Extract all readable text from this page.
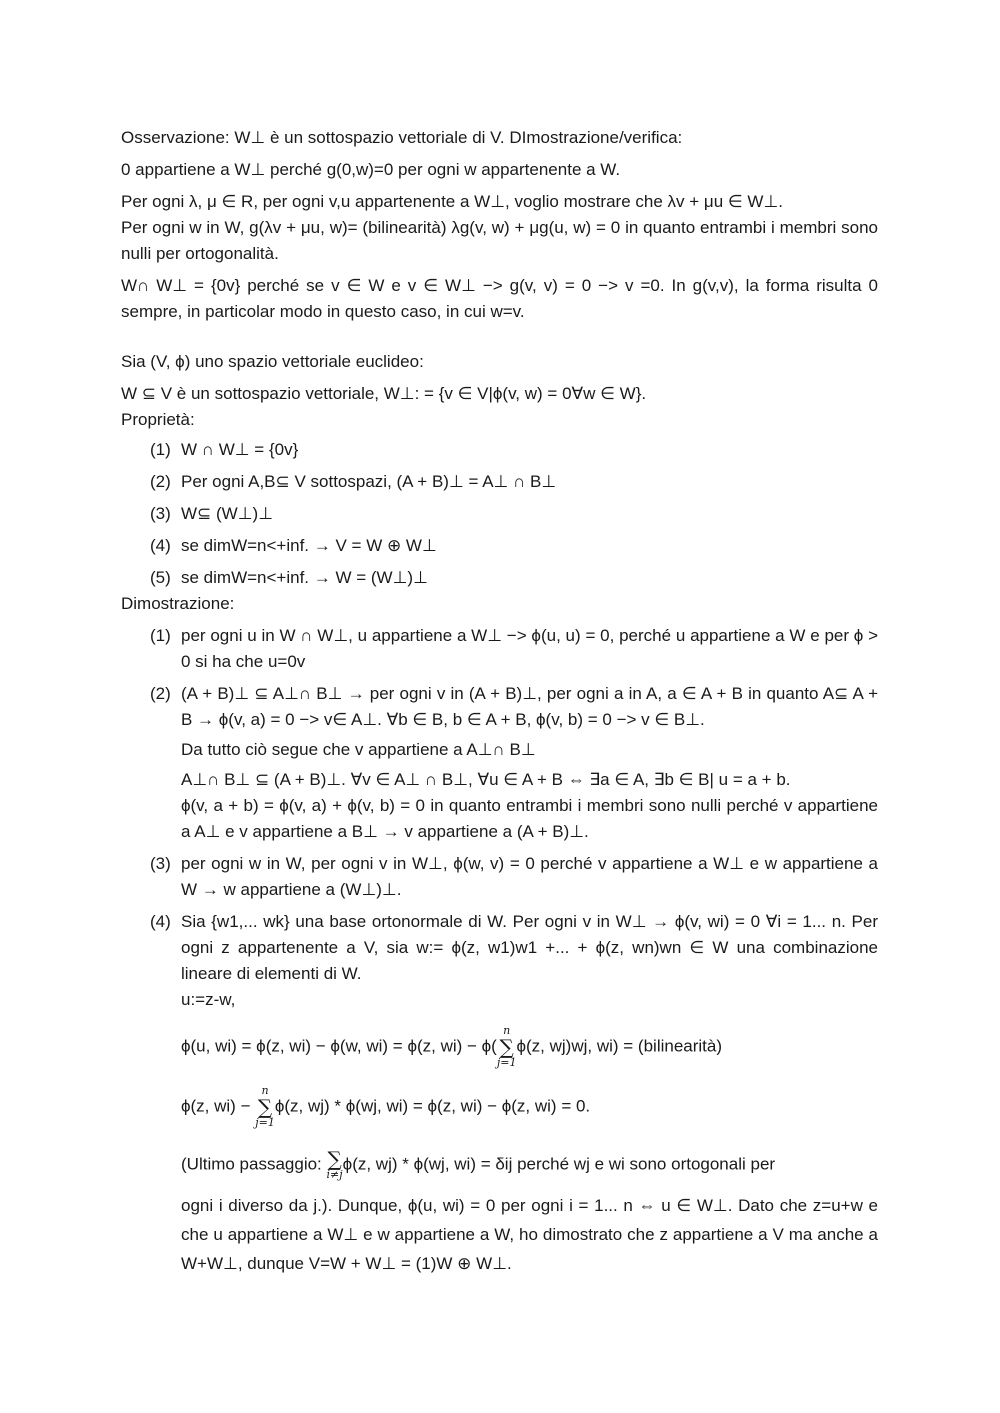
Osservazione: W⊥ è un sottospazio vettoriale di V. DImostrazione/verifica:
0 appartiene a W⊥ perché g(0,w)=0 per ogni w appartenente a W.
Per ogni λ, μ ∈ R, per ogni v,u appartenente a W⊥, voglio mostrare che λv + μu ∈ W⊥.
Per ogni w in W, g(λv + μu, w)= (bilinearità) λg(v, w) + μg(u, w) = 0 in quanto entrambi i membri sono nulli per ortogonalità.
W∩ W⊥ = {0v} perché se v ∈ W e v ∈ W⊥ −> g(v, v) = 0 −> v =0. In g(v,v), la forma risulta 0 sempre, in particolar modo in questo caso, in cui w=v.
Sia (V, ϕ) uno spazio vettoriale euclideo:
W ⊆ V è un sottospazio vettoriale, W⊥: = {v ∈ V|ϕ(v, w) = 0∀w ∈ W}.
Proprietà:
(1) W ∩ W⊥ = {0v}
(2) Per ogni A,B⊆ V sottospazi, (A + B)⊥ = A⊥ ∩ B⊥
(3) W⊆ (W⊥)⊥
(4) se dimW=n<+inf. → V = W ⊕ W⊥
(5) se dimW=n<+inf. → W = (W⊥)⊥
Dimostrazione:
(1) per ogni u in W ∩ W⊥, u appartiene a W⊥ −> ϕ(u, u) = 0, perché u appartiene a W e per ϕ > 0 si ha che u=0v
(2) (A + B)⊥ ⊆ A⊥∩ B⊥ → per ogni v in (A + B)⊥, per ogni a in A, a ∈ A + B in quanto A⊆ A + B → ϕ(v, a) = 0 −> v∈ A⊥. ∀b ∈ B, b ∈ A + B, ϕ(v, b) = 0 −> v ∈ B⊥.
Da tutto ciò segue che v appartiene a A⊥∩ B⊥
A⊥∩ B⊥ ⊆ (A + B)⊥. ∀v ∈ A⊥ ∩ B⊥, ∀u ∈ A + B ⇔ ∃a ∈ A, ∃b ∈ B| u = a + b.
ϕ(v, a + b) = ϕ(v, a) + ϕ(v, b) = 0 in quanto entrambi i membri sono nulli perché v appartiene a A⊥ e v appartiene a B⊥ → v appartiene a (A + B)⊥.
(3) per ogni w in W, per ogni v in W⊥, ϕ(w, v) = 0 perché v appartiene a W⊥ e w appartiene a W → w appartiene a (W⊥)⊥.
(4) Sia {w1,... wk} una base ortonormale di W. Per ogni v in W⊥ → ϕ(v, wi) = 0 ∀i = 1... n. Per ogni z appartenente a V, sia w:= ϕ(z, w1)w1 +... + ϕ(z, wn)wn ∈ W una combinazione lineare di elementi di W.
u:=z-w,
ϕ(u, wi) = ϕ(z, wi) − ϕ(w, wi) = ϕ(z, wi) − ϕ(
n
∑
j=1
ϕ(z, wj)wj, wi) = (bilinearità)
ϕ(z, wi) −
n
∑
j=1
ϕ(z, wj) * ϕ(wj, wi) = ϕ(z, wi) − ϕ(z, wi) = 0.
(Ultimo passaggio: ∑
i≠j
ϕ(z, wj) * ϕ(wj, wi) = δij perché wj e wi sono ortogonali per
ogni i diverso da j.). Dunque, ϕ(u, wi) = 0 per ogni i = 1... n ⇔ u ∈ W⊥. Dato che z=u+w e che u appartiene a W⊥ e w appartiene a W, ho dimostrato che z appartiene a V ma anche a W+W⊥, dunque V=W + W⊥ = (1)W ⊕ W⊥.
